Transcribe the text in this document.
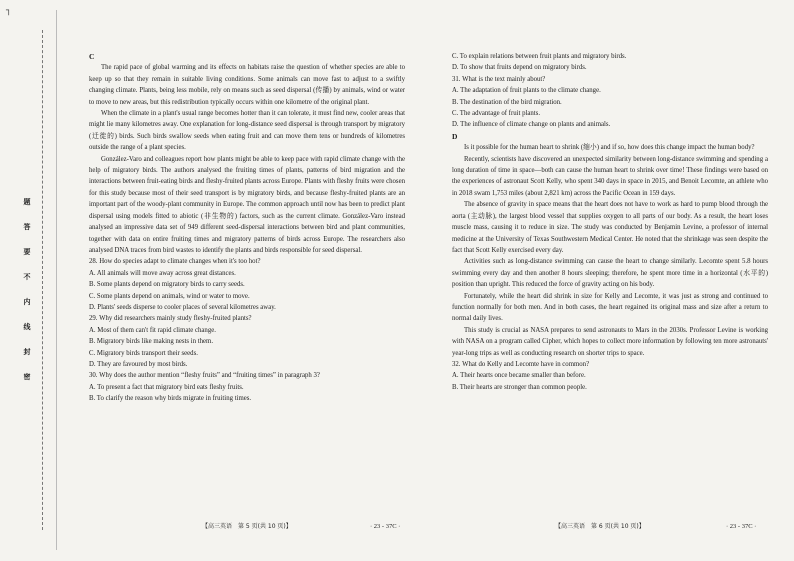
┐
题
答
要
不
内
线
封
密

C

The rapid pace of global warming and its effects on habitats raise the question of whether species are able to keep up so that they remain in suitable living conditions. Some animals can move fast to adjust to a swiftly changing climate. Plants, being less mobile, rely on means such as seed dispersal (传播) by animals, wind or water to move to new areas, but this redistribution typically occurs within one kilometre of the original plant.

When the climate in a plant's usual range becomes hotter than it can tolerate, it must find new, cooler areas that might lie many kilometres away. One explanation for long-distance seed dispersal is through transport by migratory (迁徙的) birds. Such birds swallow seeds when eating fruit and can move them tens or hundreds of kilometres outside the range of a plant species.

González-Varo and colleagues report how plants might be able to keep pace with rapid climate change with the help of migratory birds. The authors analysed the fruiting times of plants, patterns of bird migration and the interactions between fruit-eating birds and fleshy-fruited plants across Europe. Plants with fleshy fruits were chosen for this study because most of their seed transport is by migratory birds, and because fleshy-fruited plants are an important part of the woody-plant community in Europe. The common approach until now has been to predict plant dispersal using models fitted to abiotic (非生物的) factors, such as the current climate. González-Varo instead analysed an impressive data set of 949 different seed-dispersal interactions between bird and plant communities, together with data on entire fruiting times and migratory patterns of birds across Europe. The researchers also analysed DNA traces from bird wastes to identify the plants and birds responsible for seed dispersal.

28. How do species adapt to climate changes when it's too hot?

A. All animals will move away across great distances.

B. Some plants depend on migratory birds to carry seeds.

C. Some plants depend on animals, wind or water to move.

D. Plants' seeds disperse to cooler places of several kilometres away.

29. Why did researchers mainly study fleshy-fruited plants?

A. Most of them can't fit rapid climate change.

B. Migratory birds like making nests in them.

C. Migratory birds transport their seeds.

D. They are favoured by most birds.

30. Why does the author mention “fleshy fruits” and “fruiting times” in paragraph 3?

A. To present a fact that migratory bird eats fleshy fruits.

B. To clarify the reason why birds migrate in fruiting times.

【高三英语　第 5 页(共 10 页)】	· 23 - 37C ·

C. To explain relations between fruit plants and migratory birds.

D. To show that fruits depend on migratory birds.

31. What is the text mainly about?

A. The adaptation of fruit plants to the climate change.

B. The destination of the bird migration.

C. The advantage of fruit plants.

D. The influence of climate change on plants and animals.

D

Is it possible for the human heart to shrink (缩小) and if so, how does this change impact the human body?

Recently, scientists have discovered an unexpected similarity between long-distance swimming and spending a long duration of time in space—both can cause the human heart to shrink over time! These findings were based on the experiences of astronaut Scott Kelly, who spent 340 days in space in 2015, and Benoit Lecomte, an athlete who in 2018 swam 1,753 miles (about 2,821 km) across the Pacific Ocean in 159 days.

The absence of gravity in space means that the heart does not have to work as hard to pump blood through the aorta (主动脉), the largest blood vessel that supplies oxygen to all parts of our body. As a result, the heart loses muscle mass, causing it to reduce in size. The study was conducted by Benjamin Levine, a professor of internal medicine at the University of Texas Southwestern Medical Center. He noted that the shrinkage was seen despite the fact that Scott Kelly exercised every day.

Activities such as long-distance swimming can cause the heart to change similarly. Lecomte spent 5.8 hours swimming every day and then another 8 hours sleeping; therefore, he spent more time in a horizontal (水平的) position than upright. This reduced the force of gravity acting on his body.

Fortunately, while the heart did shrink in size for Kelly and Lecomte, it was just as strong and continued to function normally for both men. And in both cases, the heart regained its original mass and size after a return to normal daily lives.

This study is crucial as NASA prepares to send astronauts to Mars in the 2030s. Professor Levine is working with NASA on a program called Cipher, which hopes to collect more information by following ten more astronauts' year-long trips as well as conducting research on shorter trips to space.

32. What do Kelly and Lecomte have in common?

A. Their hearts once became smaller than before.

B. Their hearts are stronger than common people.

【高三英语　第 6 页(共 10 页)】	· 23 - 37C ·
